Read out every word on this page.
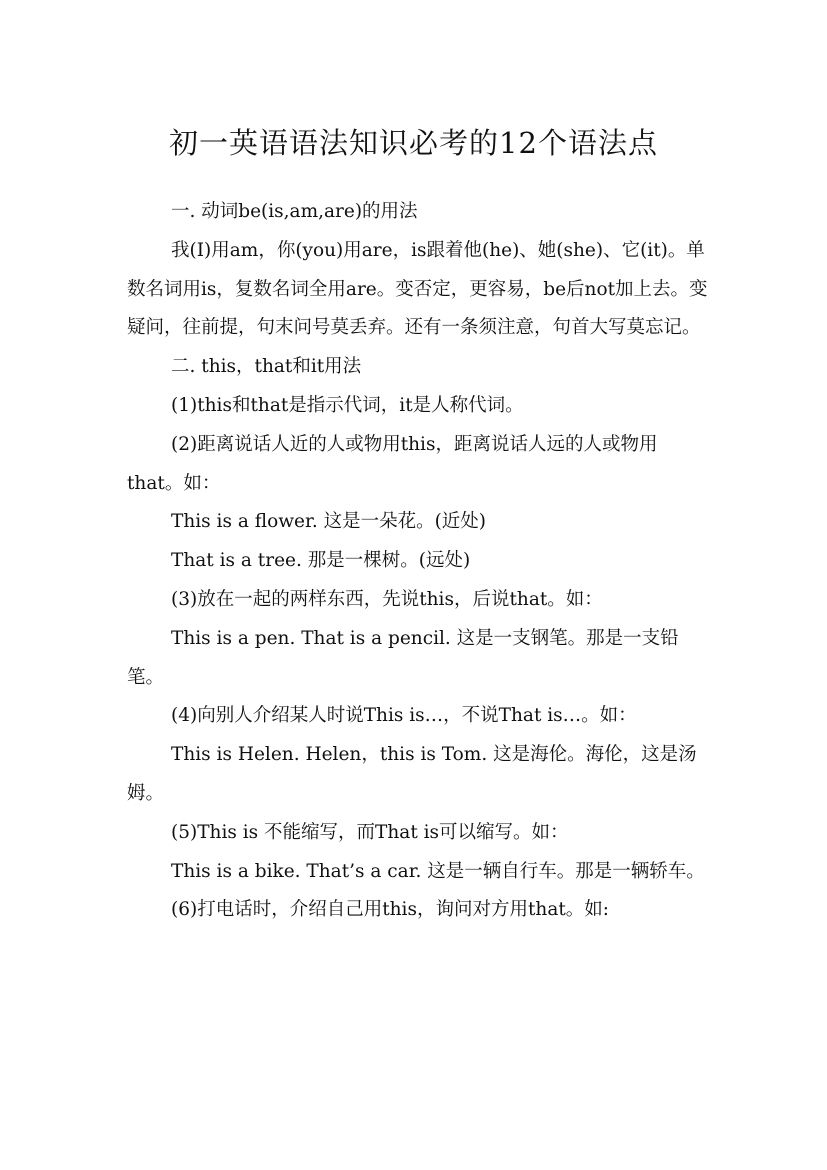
初一英语语法知识必考的12个语法点

一. 动词be(is,am,are)的用法

我(I)用am，你(you)用are，is跟着他(he)、她(she)、它(it)。单数名词用is，复数名词全用are。变否定，更容易，be后not加上去。变疑问，往前提，句末问号莫丢弃。还有一条须注意，句首大写莫忘记。

二. this，that和it用法

(1)this和that是指示代词，it是人称代词。

(2)距离说话人近的人或物用this，距离说话人远的人或物用that。如：

This is a flower. 这是一朵花。(近处)

That is a tree. 那是一棵树。(远处)

(3)放在一起的两样东西，先说this，后说that。如：

This is a pen. That is a pencil. 这是一支钢笔。那是一支铅笔。

(4)向别人介绍某人时说This is…，不说That is…。如：

This is Helen. Helen，this is Tom. 这是海伦。海伦，这是汤姆。

(5)This is 不能缩写，而That is可以缩写。如：

This is a bike. That’s a car. 这是一辆自行车。那是一辆轿车。

(6)打电话时，介绍自己用this，询问对方用that。如:
